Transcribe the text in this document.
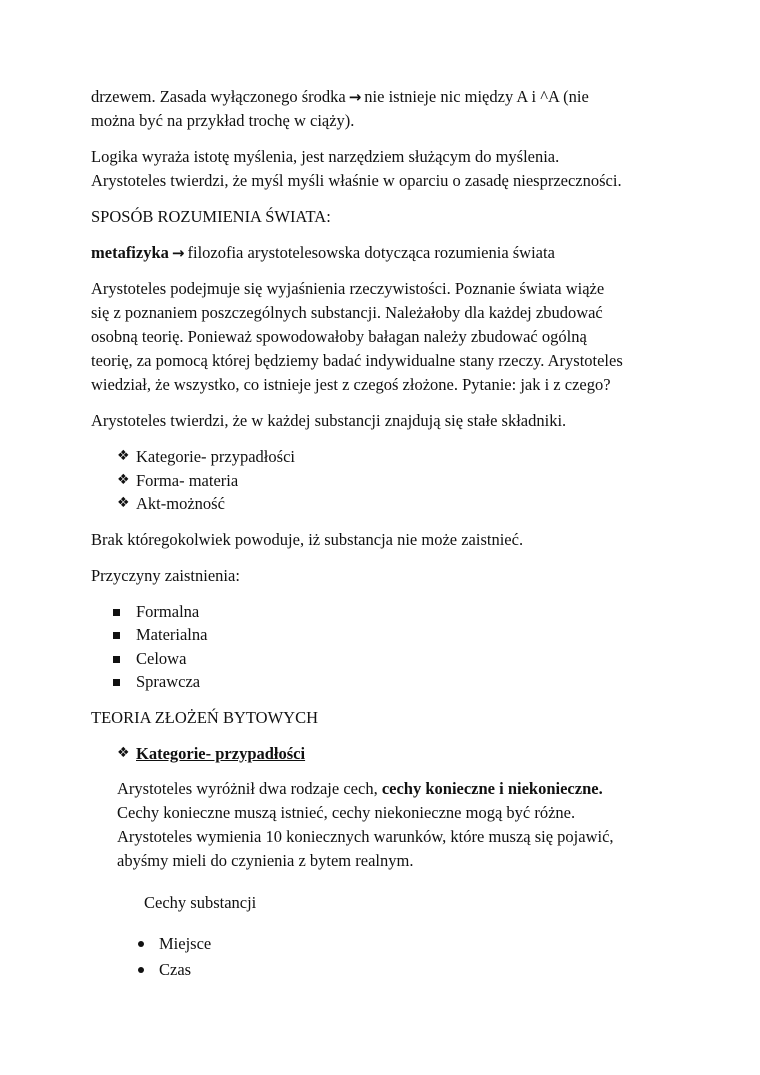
drzewem. Zasada wyłączonego środka → nie istnieje nic między A i ^A (nie
można być na przykład trochę w ciąży).

Logika wyraża istotę myślenia, jest narzędziem służącym do myślenia.
Arystoteles twierdzi, że myśl myśli właśnie w oparciu o zasadę niesprzeczności.

SPOSÓB ROZUMIENIA ŚWIATA:

metafizyka → filozofia arystotelesowska dotycząca rozumienia świata

Arystoteles podejmuje się wyjaśnienia rzeczywistości. Poznanie świata wiąże
się z poznaniem poszczególnych substancji. Należałoby dla każdej zbudować
osobną teorię. Ponieważ spowodowałoby bałagan należy zbudować ogólną
teorię, za pomocą której będziemy badać indywidualne stany rzeczy. Arystoteles
wiedział, że wszystko, co istnieje jest z czegoś złożone. Pytanie: jak i z czego?

Arystoteles twierdzi, że w każdej substancji znajdują się stałe składniki.

❖ Kategorie- przypadłości
❖ Forma- materia
❖ Akt-możność

Brak któregokolwiek powoduje, iż substancja nie może zaistnieć.

Przyczyny zaistnienia:

Formalna
Materialna
Celowa
Sprawcza

TEORIA ZŁOŻEŃ BYTOWYCH

❖ Kategorie- przypadłości

Arystoteles wyróżnił dwa rodzaje cech, cechy konieczne i niekonieczne.
Cechy konieczne muszą istnieć, cechy niekonieczne mogą być różne.
Arystoteles wymienia 10 koniecznych warunków, które muszą się pojawić,
abyśmy mieli do czynienia z bytem realnym.

Cechy substancji

Miejsce
Czas
